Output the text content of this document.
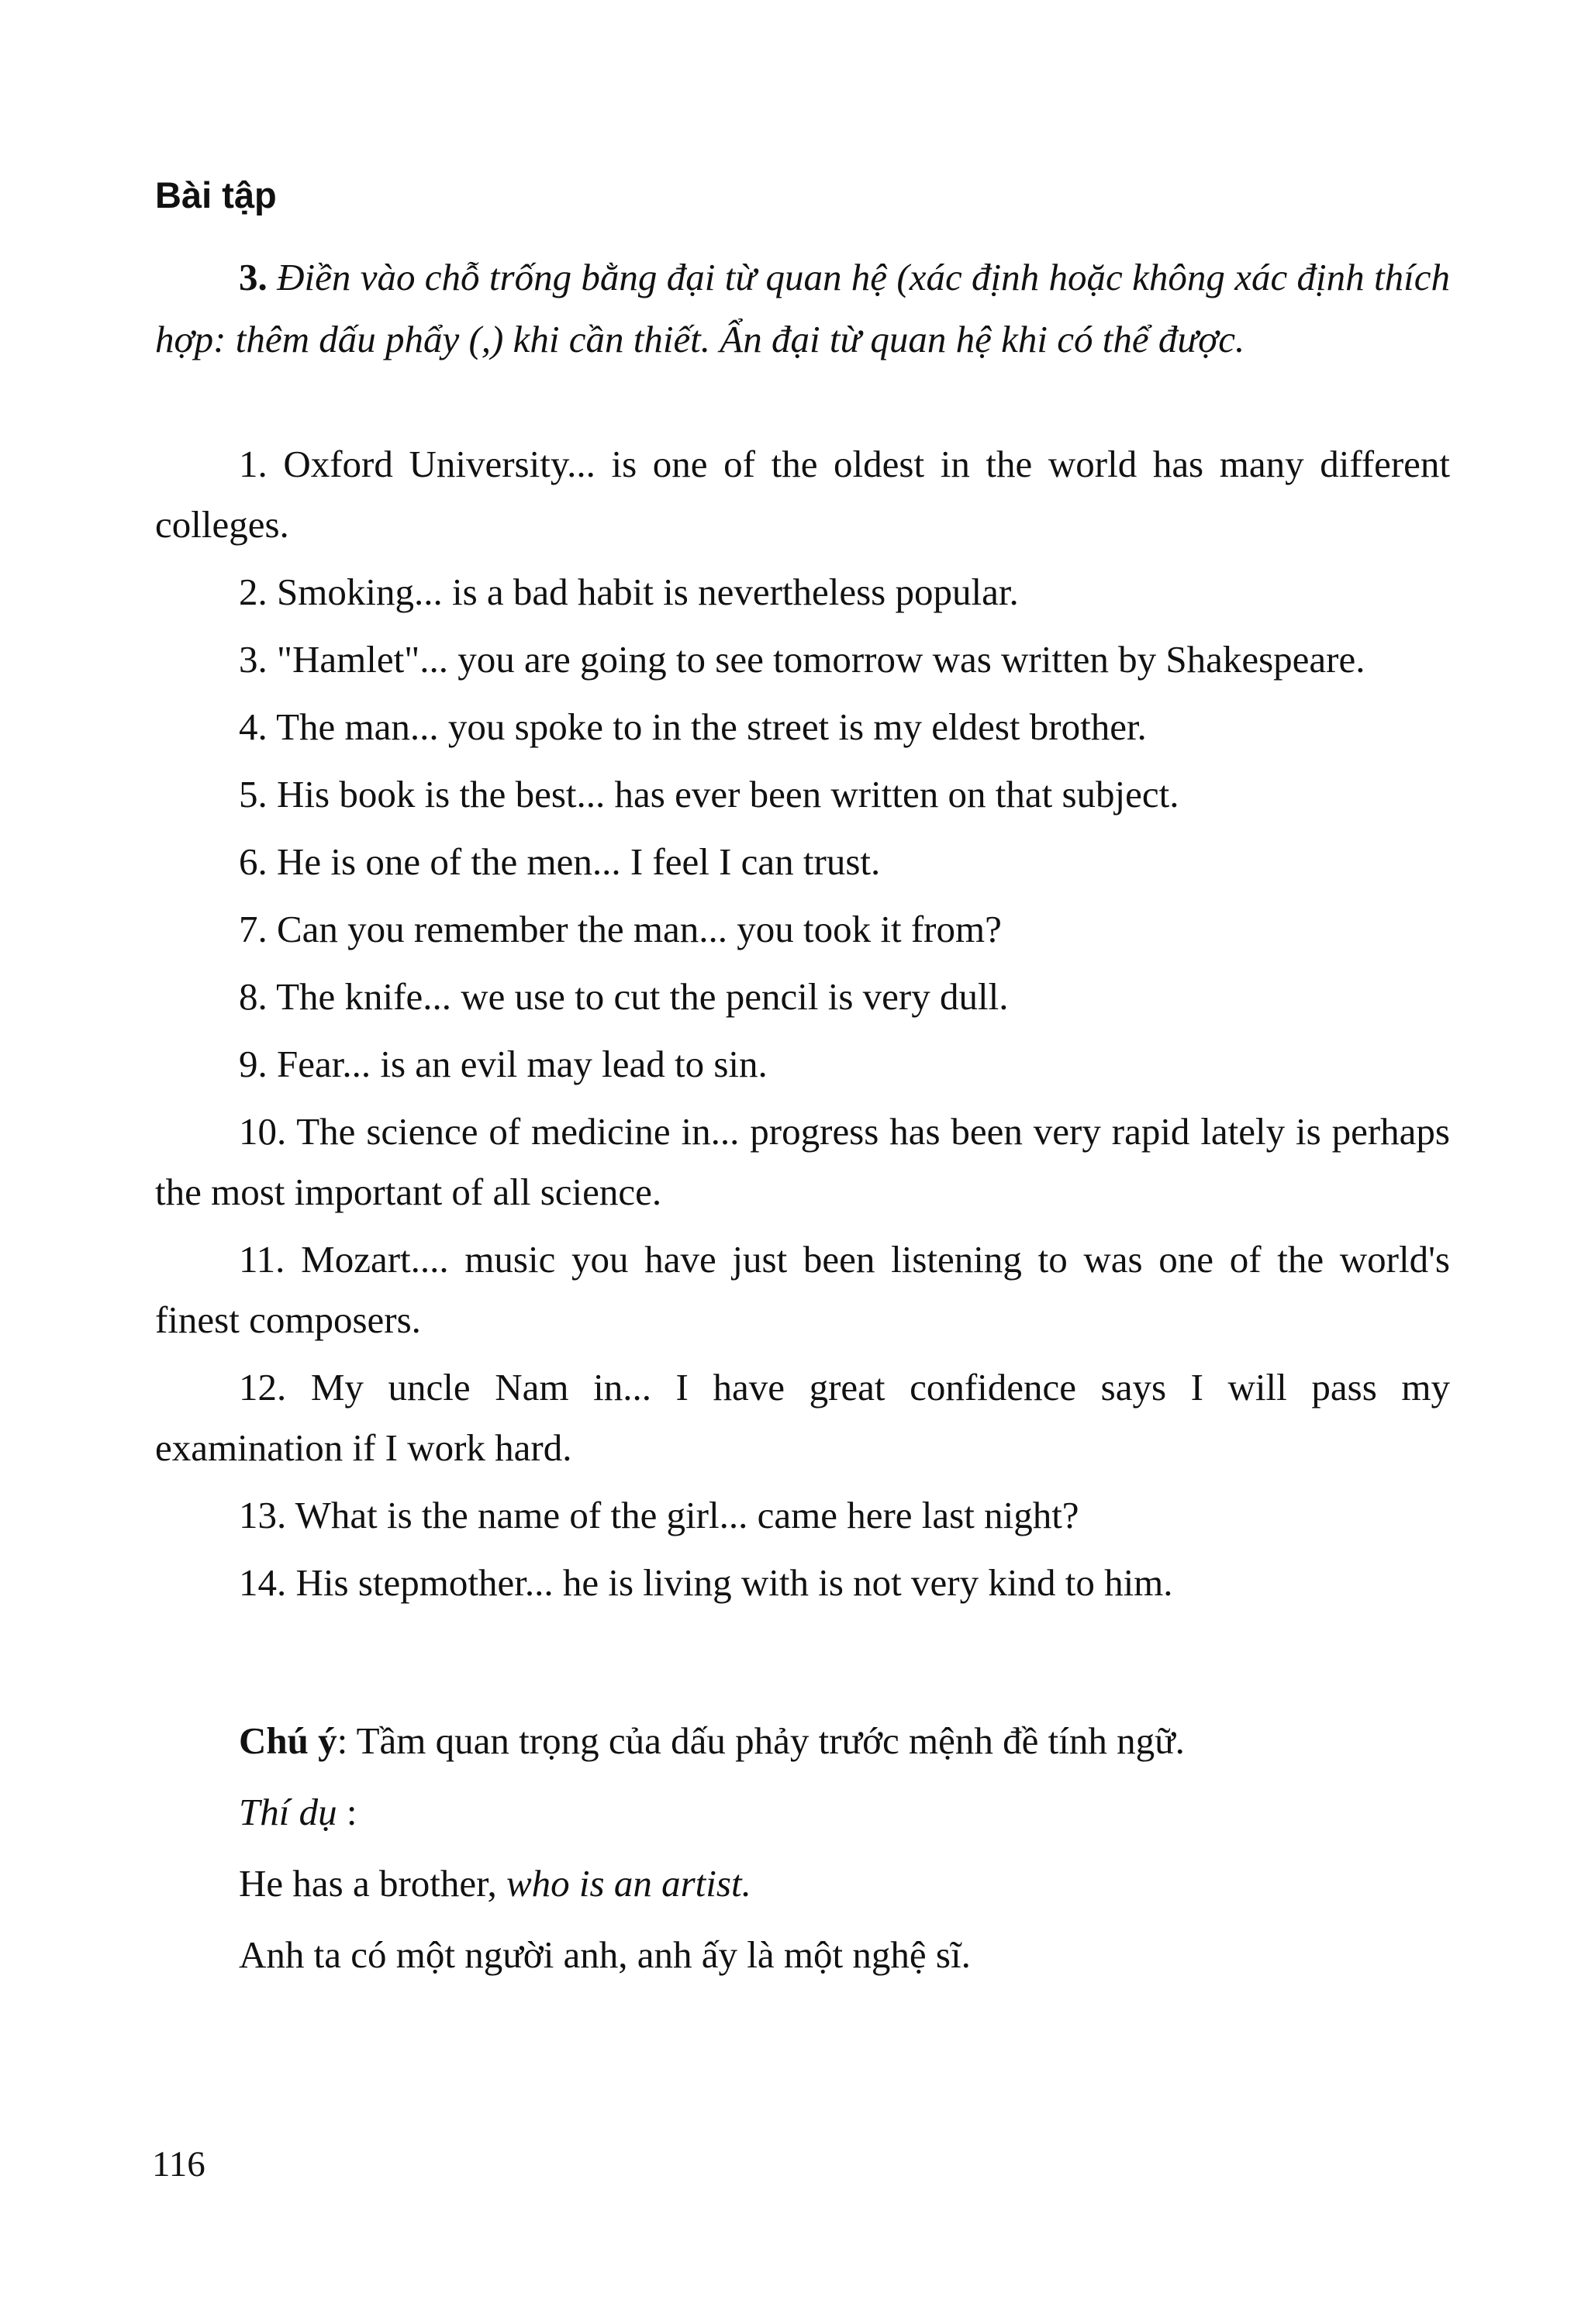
Bài tập
3. Điền vào chỗ trống bằng đại từ quan hệ (xác định hoặc không xác định thích hợp: thêm dấu phẩy (,) khi cần thiết. Ẩn đại từ quan hệ khi có thể được.

1. Oxford University... is one of the oldest in the world has many different colleges.

2. Smoking... is a bad habit is nevertheless popular.

3. "Hamlet"... you are going to see tomorrow was written by Shakespeare.

4. The man... you spoke to in the street is my eldest brother.

5. His book is the best... has ever been written on that subject.

6. He is one of the men... I feel I can trust.

7. Can you remember the man... you took it from?

8. The knife... we use to cut the pencil is very dull.

9. Fear... is an evil may lead to sin.

10. The science of medicine in... progress has been very rapid lately is perhaps the most important of all science.

11. Mozart.... music you have just been listening to was one of the world's finest composers.

12. My uncle Nam in... I have great confidence says I will pass my examination if I work hard.

13. What is the name of the girl... came here last night?

14. His stepmother... he is living with is not very kind to him.

Chú ý: Tầm quan trọng của dấu phảy trước mệnh đề tính ngữ.

Thí dụ :

He has a brother, who is an artist.

Anh ta có một người anh, anh ấy là một nghệ sĩ.

116
